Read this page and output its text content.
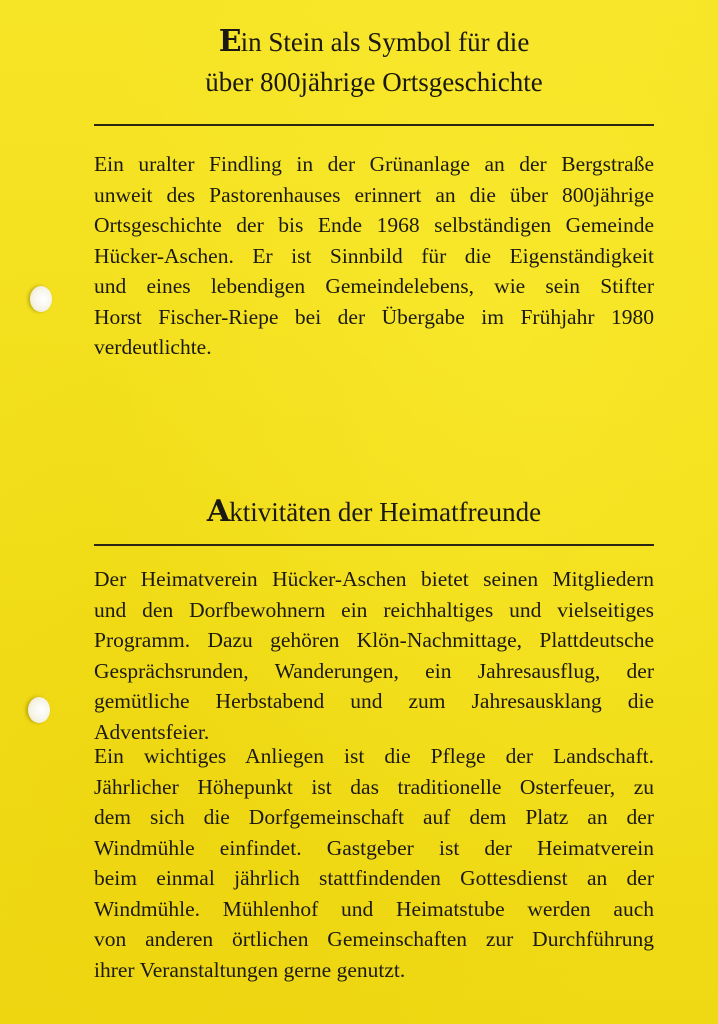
Ein Stein als Symbol für die
über 800jährige Ortsgeschichte
Ein uralter Findling in der Grünanlage an der Bergstraße
unweit des Pastorenhauses erinnert an die über 800jährige
Ortsgeschichte der bis Ende 1968 selbständigen Gemeinde
Hücker-Aschen. Er ist Sinnbild für die Eigenständigkeit
und eines lebendigen Gemeindelebens, wie sein Stifter
Horst Fischer-Riepe bei der Übergabe im Frühjahr 1980
verdeutlichte.
Aktivitäten der Heimatfreunde
Der Heimatverein Hücker-Aschen bietet seinen Mitgliedern
und den Dorfbewohnern ein reichhaltiges und vielseitiges
Programm. Dazu gehören Klön-Nachmittage, Plattdeutsche
Gesprächsrunden, Wanderungen, ein Jahresausflug, der
gemütliche Herbstabend und zum Jahresausklang die
Adventsfeier.
Ein wichtiges Anliegen ist die Pflege der Landschaft.
Jährlicher Höhepunkt ist das traditionelle Osterfeuer, zu
dem sich die Dorfgemeinschaft auf dem Platz an der
Windmühle einfindet. Gastgeber ist der Heimatverein
beim einmal jährlich stattfindenden Gottesdienst an der
Windmühle. Mühlenhof und Heimatstube werden auch
von anderen örtlichen Gemeinschaften zur Durchführung
ihrer Veranstaltungen gerne genutzt.
